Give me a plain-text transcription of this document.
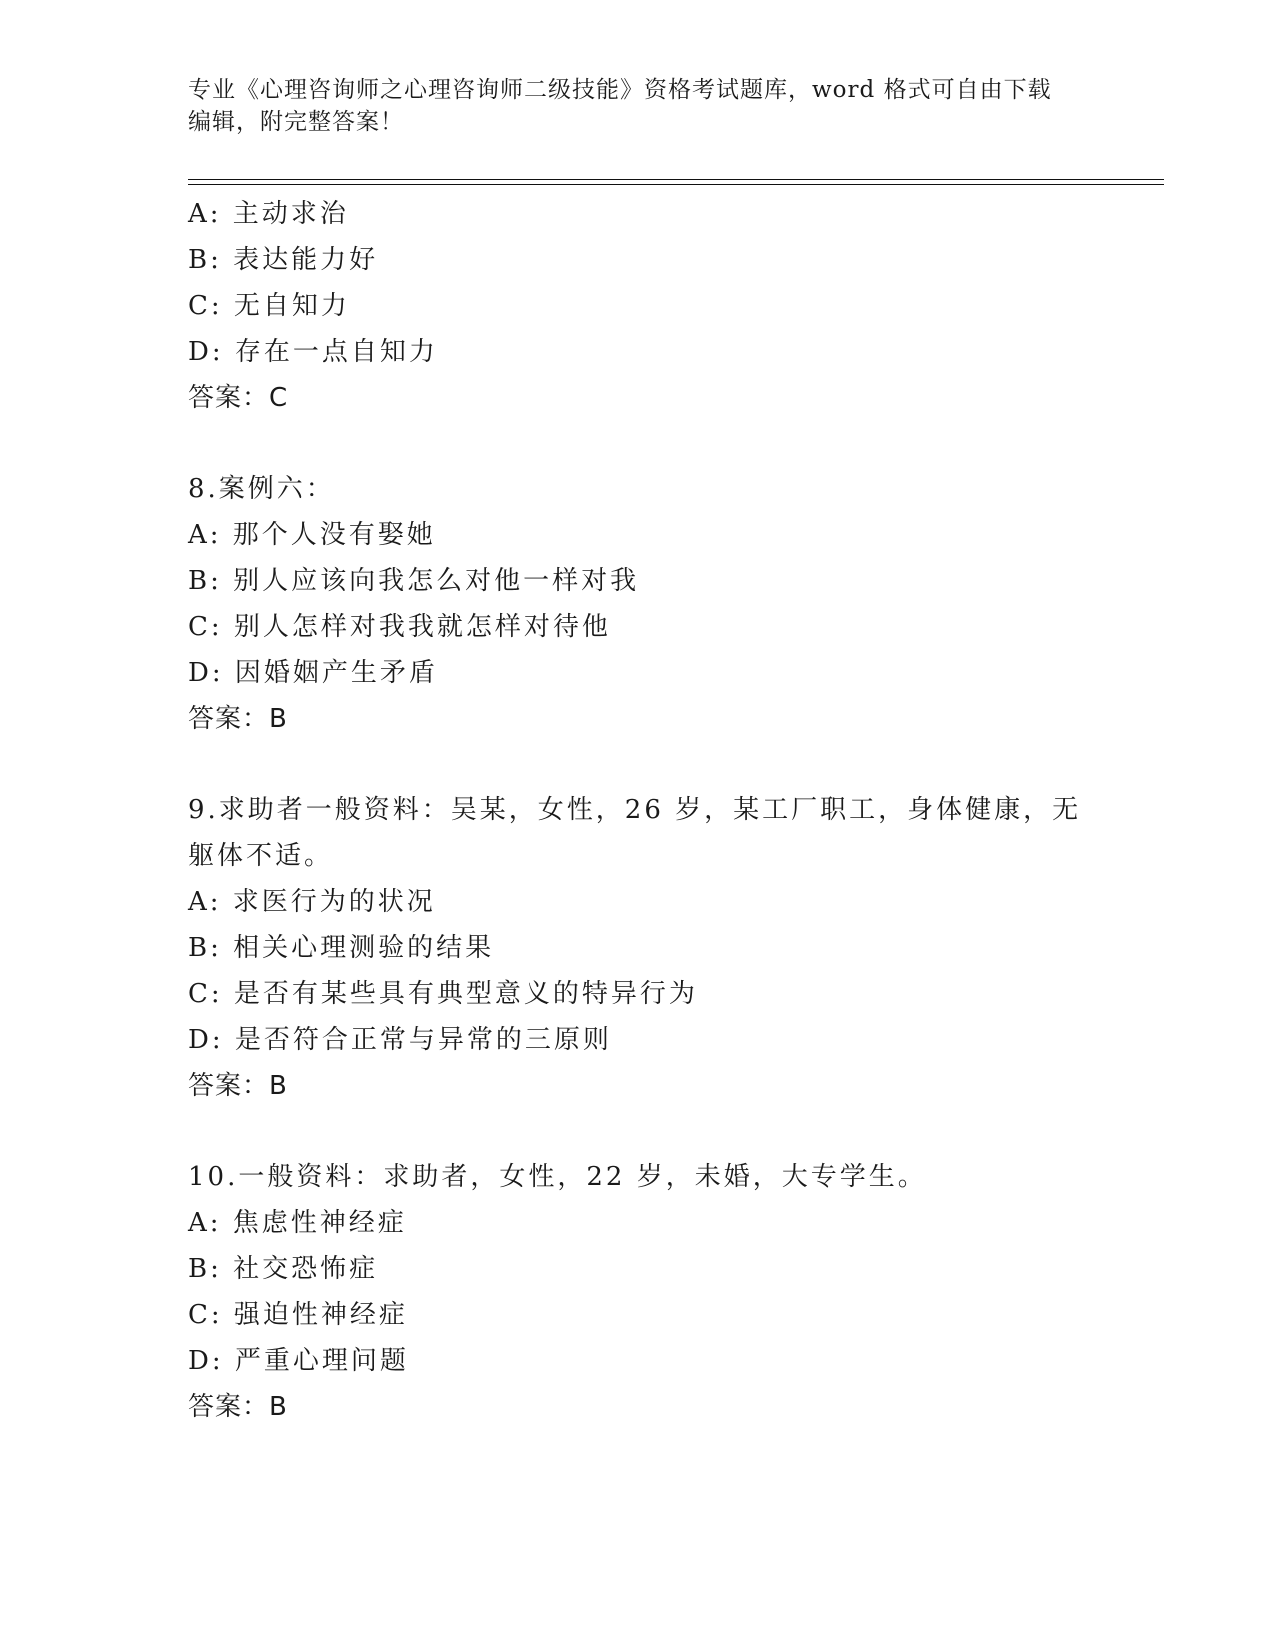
专业《心理咨询师之心理咨询师二级技能》资格考试题库，word 格式可自由下载
编辑，附完整答案！
A: 主动求治
B: 表达能力好
C: 无自知力
D: 存在一点自知力
答案：C
8.案例六：
A: 那个人没有娶她
B: 别人应该向我怎么对他一样对我
C: 别人怎样对我我就怎样对待他
D: 因婚姻产生矛盾
答案：B
9.求助者一般资料：吴某，女性，26 岁，某工厂职工，身体健康，无
躯体不适。
A: 求医行为的状况
B: 相关心理测验的结果
C: 是否有某些具有典型意义的特异行为
D: 是否符合正常与异常的三原则
答案：B
10.一般资料：求助者，女性，22 岁，未婚，大专学生。
A: 焦虑性神经症
B: 社交恐怖症
C: 强迫性神经症
D: 严重心理问题
答案：B
